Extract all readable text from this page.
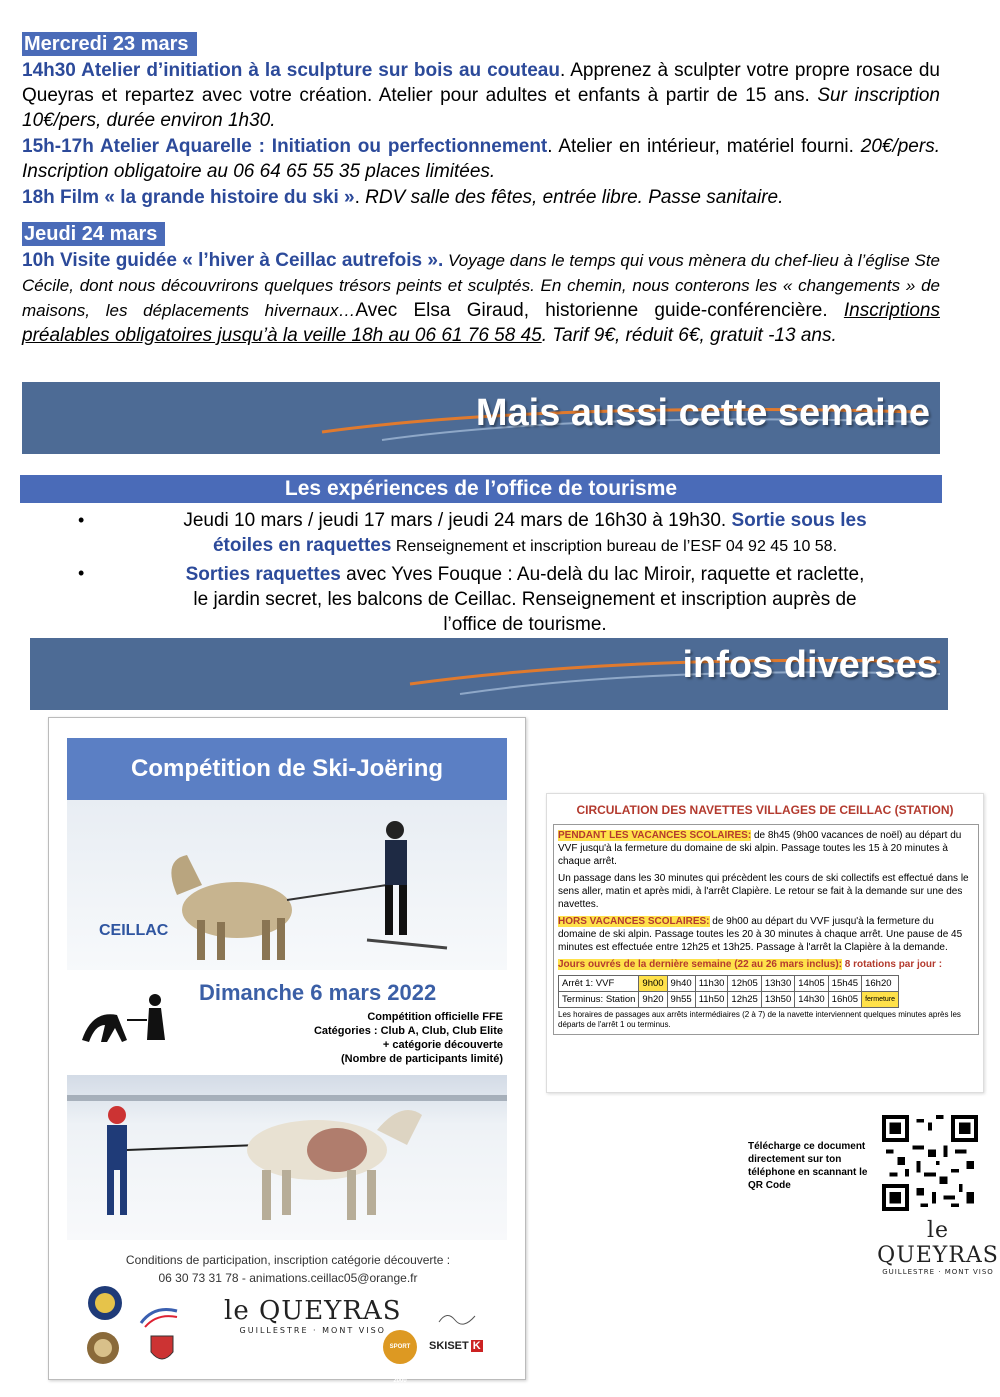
Mercredi 23 mars
14h30 Atelier d’initiation à la sculpture sur bois au couteau. Apprenez à sculpter votre propre rosace du Queyras et repartez avec votre création. Atelier pour adultes et enfants à partir de 15 ans. Sur inscription 10€/pers, durée environ 1h30.
15h-17h Atelier Aquarelle : Initiation ou perfectionnement. Atelier en intérieur, matériel fourni. 20€/pers. Inscription obligatoire au 06 64 65 55 35 places limitées.
18h Film « la grande histoire du ski ». RDV salle des fêtes, entrée libre. Passe sanitaire.
Jeudi 24 mars
10h Visite guidée « l’hiver à Ceillac autrefois ». Voyage dans le temps qui vous mènera du chef-lieu à l’église Ste Cécile, dont nous découvrirons quelques trésors peints et sculptés. En chemin, nous conterons les « changements » de maisons, les déplacements hivernaux…Avec Elsa Giraud, historienne guide-conférencière. Inscriptions préalables obligatoires jusqu’à la veille 18h au 06 61 76 58 45. Tarif 9€, réduit 6€, gratuit -13 ans.
Mais aussi cette semaine
Les expériences de l’office de tourisme
•	Jeudi 10 mars / jeudi 17 mars / jeudi 24 mars de 16h30 à 19h30. Sortie sous les
étoiles en raquettes Renseignement et inscription bureau de l’ESF 04 92 45 10 58.
•	Sorties raquettes avec Yves Fouque : Au-delà du lac Miroir, raquette et raclette,
le jardin secret, les balcons de Ceillac. Renseignement et inscription auprès de
l’office de tourisme.
infos diverses
Compétition de Ski-Joëring
CEILLAC
Dimanche 6 mars 2022
Compétition officielle FFE
Catégories : Club A, Club, Club Elite
+ catégorie découverte
(Nombre de participants limité)
Conditions de participation, inscription catégorie découverte :
06 30 73 31 78 - animations.ceillac05@orange.fr
le QUEYRAS
GUILLESTRE · MONT VISO
SPORT 2000
SKISET K
CIRCULATION DES NAVETTES VILLAGES DE CEILLAC (STATION)
PENDANT LES VACANCES SCOLAIRES: de 8h45 (9h00 vacances de noël) au départ du VVF jusqu'à la fermeture du domaine de ski alpin. Passage toutes les 15 à 20 minutes à chaque arrêt.
Un passage dans les 30 minutes qui précèdent les cours de ski collectifs est effectué dans le sens aller, matin et après midi, à l'arrêt Clapière. Le retour se fait à la demande sur une des navettes.
HORS VACANCES SCOLAIRES: de 9h00 au départ du VVF jusqu'à la fermeture du domaine de ski alpin. Passage toutes les 20 à 30 minutes à chaque arrêt. Une pause de 45 minutes est effectuée entre 12h25 et 13h25. Passage à l'arrêt la Clapière à la demande.
Jours ouvrés de la dernière semaine (22 au 26 mars inclus): 8 rotations par jour :
Arrêt 1: VVF	9h00	9h40	11h30	12h05	13h30	14h05	15h45	16h20
Terminus: Station	9h20	9h55	11h50	12h25	13h50	14h30	16h05	fermeture
Les horaires de passages aux arrêts intermédiaires (2 à 7) de la navette interviennent quelques minutes après les départs de l'arrêt 1 ou terminus.
Télécharge ce document directement sur ton téléphone en scannant le QR Code
le QUEYRAS
GUILLESTRE · MONT VISO
